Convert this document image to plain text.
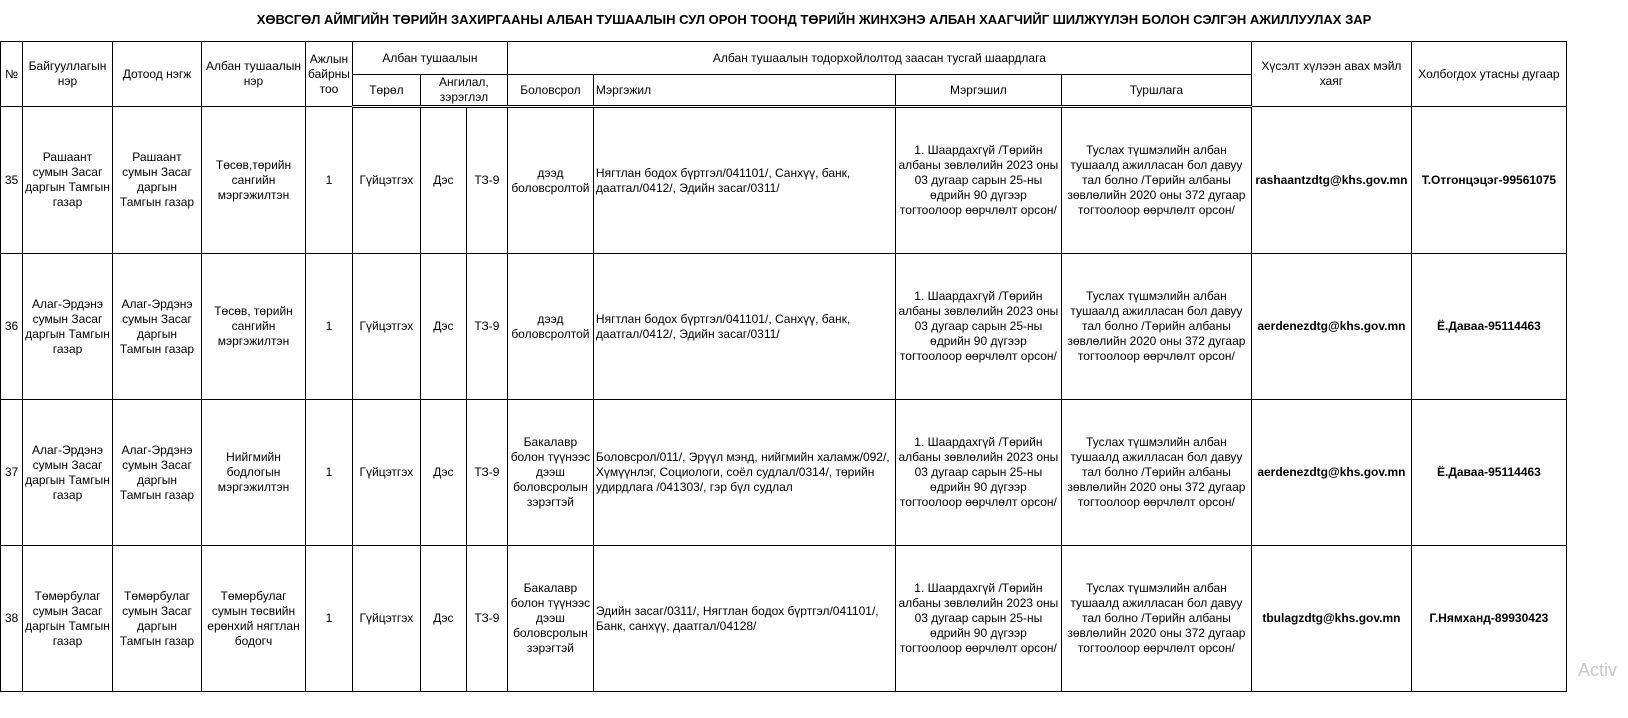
ХӨВСГӨЛ АЙМГИЙН ТӨРИЙН ЗАХИРГААНЫ АЛБАН ТУШААЛЫН СУЛ ОРОН ТООНД ТӨРИЙН ЖИНХЭНЭ АЛБАН ХААГЧИЙГ ШИЛЖҮҮЛЭН БОЛОН СЭЛГЭН АЖИЛЛУУЛАХ ЗАР
№	Байгууллагын нэр	Дотоод нэгж	Албан тушаалын нэр	Ажлын байрны тоо	Албан тушаалын			Албан тушаалын тодорхойлолтод заасан тусгай шаардлага				Хүсэлт хүлээн авах мэйл хаяг	Холбогдох утасны дугаар
					Төрөл	Ангилал, зэрэглэл		Боловсрол	Мэргэжил	Мэргэшил	Туршлага		
35	Рашаант сумын Засаг даргын Тамгын газар	Рашаант сумын Засаг даргын Тамгын газар	Төсөв,төрийн сангийн мэргэжилтэн	1	Гүйцэтгэх	Дэс	ТЗ-9	дээд боловсролтой	Нягтлан бодох бүртгэл/041101/, Санхүү, банк, даатгал/0412/, Эдийн засаг/0311/	1. Шаардахгүй /Төрийн албаны зөвлөлийн 2023 оны 03 дугаар сарын 25-ны өдрийн 90 дүгээр тогтоолоор өөрчлөлт орсон/	Туслах түшмэлийн албан тушаалд ажилласан бол давуу тал болно /Төрийн албаны зөвлөлийн 2020 оны 372 дугаар тогтоолоор өөрчлөлт орсон/	rashaantzdtg@khs.gov.mn	Т.Отгонцэцэг-99561075
36	Алаг-Эрдэнэ сумын Засаг даргын Тамгын газар	Алаг-Эрдэнэ сумын Засаг даргын Тамгын газар	Төсөв, төрийн сангийн мэргэжилтэн	1	Гүйцэтгэх	Дэс	ТЗ-9	дээд боловсролтой	Нягтлан бодох бүртгэл/041101/, Санхүү, банк, даатгал/0412/, Эдийн засаг/0311/	1. Шаардахгүй /Төрийн албаны зөвлөлийн 2023 оны 03 дугаар сарын 25-ны өдрийн 90 дүгээр тогтоолоор өөрчлөлт орсон/	Туслах түшмэлийн албан тушаалд ажилласан бол давуу тал болно /Төрийн албаны зөвлөлийн 2020 оны 372 дугаар тогтоолоор өөрчлөлт орсон/	aerdenezdtg@khs.gov.mn	Ё.Даваа-95114463
37	Алаг-Эрдэнэ сумын Засаг даргын Тамгын газар	Алаг-Эрдэнэ сумын Засаг даргын Тамгын газар	Нийгмийн бодлогын мэргэжилтэн	1	Гүйцэтгэх	Дэс	ТЗ-9	Бакалавр болон түүнээс дээш боловсролын зэрэгтэй	Боловсрол/011/, Эрүүл мэнд, нийгмийн халамж/092/, Хүмүүнлэг, Социологи, соёл судлал/0314/, төрийн удирдлага /041303/, гэр бүл судлал	1. Шаардахгүй /Төрийн албаны зөвлөлийн 2023 оны 03 дугаар сарын 25-ны өдрийн 90 дүгээр тогтоолоор өөрчлөлт орсон/	Туслах түшмэлийн албан тушаалд ажилласан бол давуу тал болно /Төрийн албаны зөвлөлийн 2020 оны 372 дугаар тогтоолоор өөрчлөлт орсон/	aerdenezdtg@khs.gov.mn	Ё.Даваа-95114463
38	Төмөрбулаг сумын Засаг даргын Тамгын газар	Төмөрбулаг сумын Засаг даргын Тамгын газар	Төмөрбулаг сумын төсвийн ерөнхий нягтлан бодогч	1	Гүйцэтгэх	Дэс	ТЗ-9	Бакалавр болон түүнээс дээш боловсролын зэрэгтэй	Эдийн засаг/0311/, Нягтлан бодох бүртгэл/041101/, Банк, санхүү, даатгал/04128/	1. Шаардахгүй /Төрийн албаны зөвлөлийн 2023 оны 03 дугаар сарын 25-ны өдрийн 90 дүгээр тогтоолоор өөрчлөлт орсон/	Туслах түшмэлийн албан тушаалд ажилласан бол давуу тал болно /Төрийн албаны зөвлөлийн 2020 оны 372 дугаар тогтоолоор өөрчлөлт орсон/	tbulagzdtg@khs.gov.mn	Г.Нямханд-89930423
Activ
